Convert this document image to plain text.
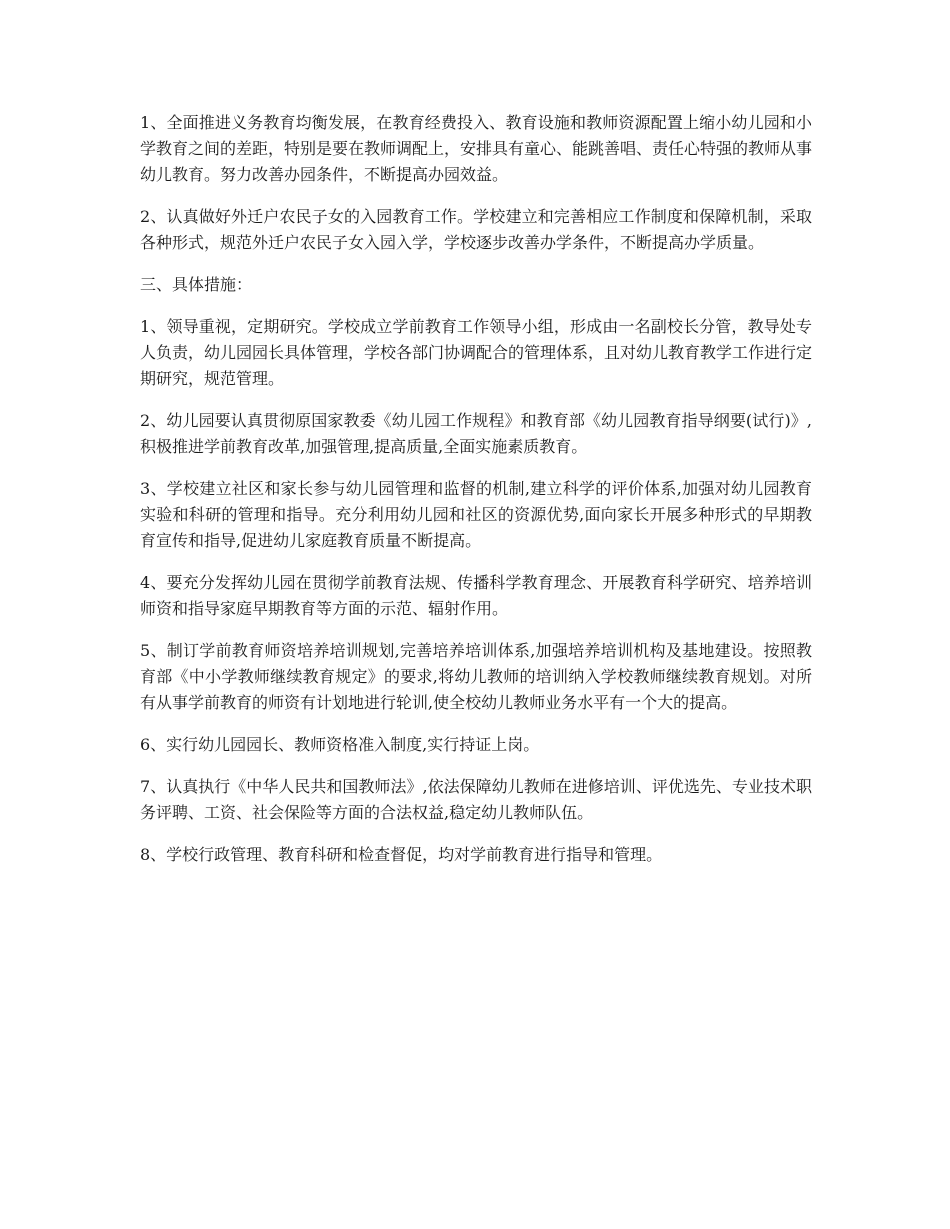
1、全面推进义务教育均衡发展，在教育经费投入、教育设施和教师资源配置上缩小幼儿园和小学教育之间的差距，特别是要在教师调配上，安排具有童心、能跳善唱、责任心特强的教师从事幼儿教育。努力改善办园条件，不断提高办园效益。

2、认真做好外迁户农民子女的入园教育工作。学校建立和完善相应工作制度和保障机制，采取各种形式，规范外迁户农民子女入园入学，学校逐步改善办学条件，不断提高办学质量。

三、具体措施：

1、领导重视，定期研究。学校成立学前教育工作领导小组，形成由一名副校长分管，教导处专人负责，幼儿园园长具体管理，学校各部门协调配合的管理体系，且对幼儿教育教学工作进行定期研究，规范管理。

2、幼儿园要认真贯彻原国家教委《幼儿园工作规程》和教育部《幼儿园教育指导纲要(试行)》,积极推进学前教育改革,加强管理,提高质量,全面实施素质教育。

3、学校建立社区和家长参与幼儿园管理和监督的机制,建立科学的评价体系,加强对幼儿园教育实验和科研的管理和指导。充分利用幼儿园和社区的资源优势,面向家长开展多种形式的早期教育宣传和指导,促进幼儿家庭教育质量不断提高。

4、要充分发挥幼儿园在贯彻学前教育法规、传播科学教育理念、开展教育科学研究、培养培训师资和指导家庭早期教育等方面的示范、辐射作用。

5、制订学前教育师资培养培训规划,完善培养培训体系,加强培养培训机构及基地建设。按照教育部《中小学教师继续教育规定》的要求,将幼儿教师的培训纳入学校教师继续教育规划。对所有从事学前教育的师资有计划地进行轮训,使全校幼儿教师业务水平有一个大的提高。

6、实行幼儿园园长、教师资格准入制度,实行持证上岗。

7、认真执行《中华人民共和国教师法》,依法保障幼儿教师在进修培训、评优选先、专业技术职务评聘、工资、社会保险等方面的合法权益,稳定幼儿教师队伍。

8、学校行政管理、教育科研和检查督促，均对学前教育进行指导和管理。
